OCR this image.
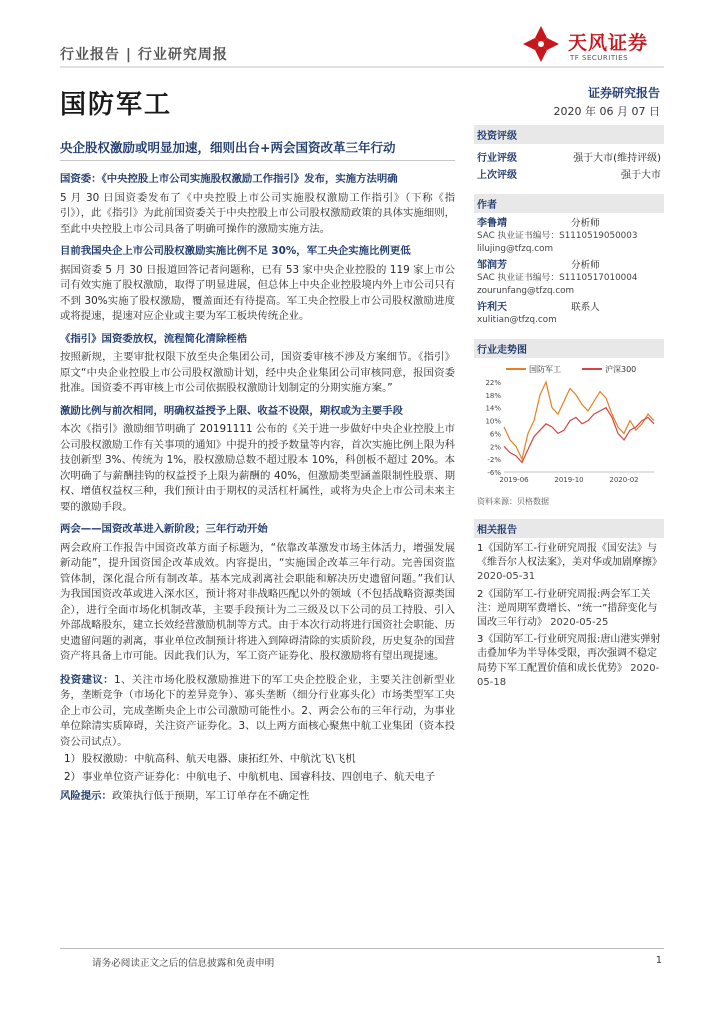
行业报告 | 行业研究周报
天风证券
TF SECURITIES
国防军工	证券研究报告
2020 年 06 月 07 日
央企股权激励或明显加速，细则出台+两会国资改革三年行动
国资委：《中央控股上市公司实施股权激励工作指引》发布，实施方法明确
5 月 30 日国资委发布了《中央控股上市公司实施股权激励工作指引》（下称《指引》），此《指引》为此前国资委关于中央控股上市公司股权激励政策的具体实施细则，至此中央控股上市公司具备了明确可操作的激励实施方法。
目前我国央企上市公司股权激励实施比例不足 30%，军工央企实施比例更低
据国资委 5 月 30 日报道回答记者问题称，已有 53 家中央企业控股的 119 家上市公司有效实施了股权激励，取得了明显进展，但总体上中央企业控股境内外上市公司只有不到 30%实施了股权激励，覆盖面还有待提高。军工央企控股上市公司股权激励进度或将提速，提速对应企业或主要为军工板块传统企业。
《指引》国资委放权，流程简化清除桎梏
按照新规，主要审批权限下放至央企集团公司，国资委审核不涉及方案细节。《指引》原文“中央企业控股上市公司股权激励计划，经中央企业集团公司审核同意，报国资委批准。国资委不再审核上市公司依据股权激励计划制定的分期实施方案。”
激励比例与前次相同，明确权益授予上限、收益不设限，期权或为主要手段
本次《指引》激励细节明确了 20191111 公布的《关于进一步做好中央企业控股上市公司股权激励工作有关事项的通知》中提升的授予数量等内容，首次实施比例上限为科技创新型 3%、传统为 1%，股权激励总数不超过股本 10%，科创板不超过 20%。本次明确了与薪酬挂钩的权益授予上限为薪酬的 40%，但激励类型涵盖限制性股票、期权、增值权益权三种，我们预计由于期权的灵活杠杆属性，或将为央企上市公司未来主要的激励手段。
两会——国资改革进入新阶段；三年行动开始
两会政府工作报告中国资改革方面子标题为，“依靠改革激发市场主体活力，增强发展新动能”，提升国资国企改革成效。内容提出，“实施国企改革三年行动。完善国资监管体制，深化混合所有制改革。基本完成剥离社会职能和解决历史遗留问题。”我们认为我国国资改革或进入深水区，预计将对非战略匹配以外的领域（不包括战略资源类国企），进行全面市场化机制改革，主要手段预计为二三级及以下公司的员工持股、引入外部战略股东，建立长效经营激励机制等方式。由于本次行动将进行国资社会职能、历史遗留问题的剥离，事业单位改制预计将进入到障碍清除的实质阶段，历史复杂的国营资产将具备上市可能。因此我们认为，军工资产证券化、股权激励将有望出现提速。
投资建议：1、关注市场化股权激励推进下的军工央企控股企业，主要关注创新型业务，垄断竞争（市场化下的差异竞争）、寡头垄断（细分行业寡头化）市场类型军工央企上市公司，完成垄断央企上市公司激励可能性小。2、两会公布的三年行动，为事业单位除清实质障碍，关注资产证券化。3、以上两方面核心聚焦中航工业集团（资本投资公司试点）。
1） 股权激励：中航高科、航天电器、康拓红外、中航沈飞\飞机
2） 事业单位资产证券化：中航电子、中航机电、国睿科技、四创电子、航天电子
风险提示：政策执行低于预期，军工订单存在不确定性
投资评级
行业评级	强于大市(维持评级)
上次评级	强于大市
作者
李鲁靖	分析师
SAC 执业证书编号：S1110519050003
lilujing@tfzq.com
邹润芳	分析师
SAC 执业证书编号：S1110517010004
zourunfang@tfzq.com
许利天	联系人
xulitian@tfzq.com
行业走势图
国防军工	沪深300
22%
18%
14%
10%
6%
2%
-2%
-6%
2019-06	2019-10	2020-02
资料来源：贝格数据
相关报告
1《国防军工-行业研究周报《国安法》与《维吾尔人权法案》，美对华或加剧摩擦》 2020-05-31
2《国防军工-行业研究周报:两会军工关注：逆周期军费增长、“统一”措辞变化与国改三年行动》 2020-05-25
3《国防军工-行业研究周报:唐山港实弹射击叠加华为半导体受限，再次强调不稳定局势下军工配置价值和成长优势》 2020-05-18
请务必阅读正文之后的信息披露和免责申明	1
